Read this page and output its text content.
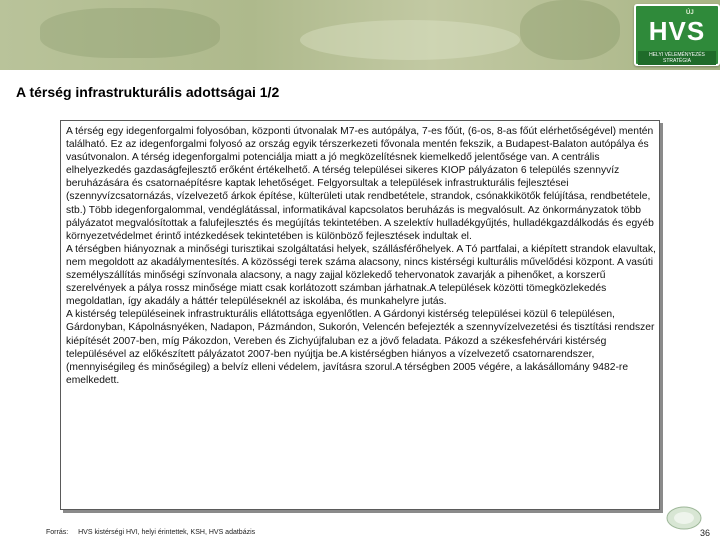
ÚJ
HVS
HELYI VÉLEMÉNYEZÉS STRATÉGIA
A térség infrastrukturális adottságai 1/2

A térség egy idegenforgalmi folyosóban, központi útvonalak M7-es autópálya, 7-es főút, (6-os, 8-as főút elérhetőségével) mentén található. Ez az idegenforgalmi folyosó az ország egyik térszerkezeti fővonala mentén fekszik, a Budapest-Balaton autópálya és vasútvonalon. A térség idegenforgalmi potenciálja miatt a jó megközelítésnek kiemelkedő jelentősége van. A centrális elhelyezkedés gazdaságfejlesztő erőként értékelhető. A térség települései sikeres KIOP pályázaton 6 település szennyvíz beruházására és csatornaépítésre kaptak lehetőséget. Felgyorsultak a települések infrastrukturális fejlesztései (szennyvízcsatornázás, vízelvezető árkok építése, külterületi utak rendbetétele, strandok, csónakkikötők felújítása, rendbetétele, stb.) Több idegenforgalommal, vendéglátással, informatikával kapcsolatos beruházás is megvalósult. Az önkormányzatok több pályázatot megvalósítottak a falufejlesztés és megújítás tekintetében. A szelektív hulladékgyűjtés, hulladékgazdálkodás és egyéb környezetvédelmet érintő intézkedések tekintetében is különböző fejlesztések indultak el.

A térségben hiányoznak a minőségi turisztikai szolgáltatási helyek, szállásférőhelyek. A Tó partfalai, a kiépített strandok elavultak, nem megoldott az akadálymentesítés. A közösségi terek száma alacsony, nincs kistérségi kulturális művelődési központ. A vasúti személyszállítás minőségi színvonala alacsony, a nagy zajjal közlekedő tehervonatok zavarják a pihenőket, a korszerű szerelvények a pálya rossz minősége miatt csak korlátozott számban járhatnak.A települések közötti tömegközlekedés megoldatlan, így akadály a háttér településeknél az iskolába, és munkahelyre jutás.

A kistérség településeinek infrastrukturális ellátottsága egyenlőtlen. A Gárdonyi kistérség települései közül 6 településen, Gárdonyban, Kápolnásnyéken, Nadapon, Pázmándon, Sukorón, Velencén befejezték a szennyvízelvezetési és tisztítási rendszer kiépítését 2007-ben, míg Pákozdon, Vereben és Zichyújfaluban ez a jövő feladata. Pákozd a székesfehérvári kistérség településével az előkészített pályázatot 2007-ben nyújtja be.A kistérségben hiányos a vízelvezető csatornarendszer, (mennyiségileg és minőségileg) a belvíz elleni védelem, javításra szorul.A térségben 2005 végére, a lakásállomány 9482-re emelkedett.

Forrás: HVS kistérségi HVI, helyi érintettek, KSH, HVS adatbázis	36
